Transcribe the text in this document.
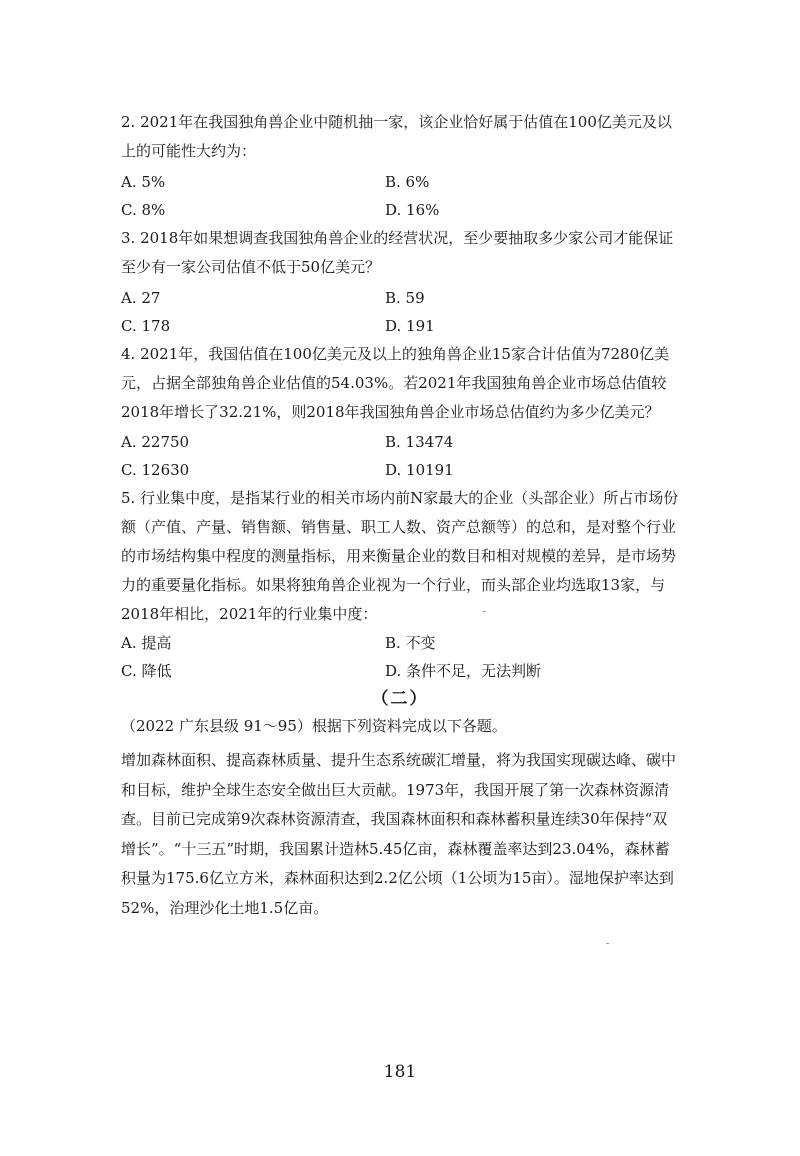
2. 2021年在我国独角兽企业中随机抽一家，该企业恰好属于估值在100亿美元及以上的可能性大约为：

A. 5%	B. 6%
C. 8%	D. 16%

3. 2018年如果想调查我国独角兽企业的经营状况，至少要抽取多少家公司才能保证至少有一家公司估值不低于50亿美元？

A. 27	B. 59
C. 178	D. 191

4. 2021年，我国估值在100亿美元及以上的独角兽企业15家合计估值为7280亿美元，占据全部独角兽企业估值的54.03%。若2021年我国独角兽企业市场总估值较2018年增长了32.21%，则2018年我国独角兽企业市场总估值约为多少亿美元？

A. 22750	B. 13474
C. 12630	D. 10191

5. 行业集中度，是指某行业的相关市场内前N家最大的企业（头部企业）所占市场份额（产值、产量、销售额、销售量、职工人数、资产总额等）的总和，是对整个行业的市场结构集中程度的测量指标，用来衡量企业的数目和相对规模的差异，是市场势力的重要量化指标。如果将独角兽企业视为一个行业，而头部企业均选取13家，与2018年相比，2021年的行业集中度：

A. 提高	B. 不变
C. 降低	D. 条件不足，无法判断
（二）
（2022 广东县级 91～95）根据下列资料完成以下各题。

增加森林面积、提高森林质量、提升生态系统碳汇增量，将为我国实现碳达峰、碳中和目标，维护全球生态安全做出巨大贡献。1973年，我国开展了第一次森林资源清查。目前已完成第9次森林资源清查，我国森林面积和森林蓄积量连续30年保持“双增长”。“十三五”时期，我国累计造林5.45亿亩，森林覆盖率达到23.04%，森林蓄积量为175.6亿立方米，森林面积达到2.2亿公顷（1公顷为15亩）。湿地保护率达到52%，治理沙化土地1.5亿亩。

181
